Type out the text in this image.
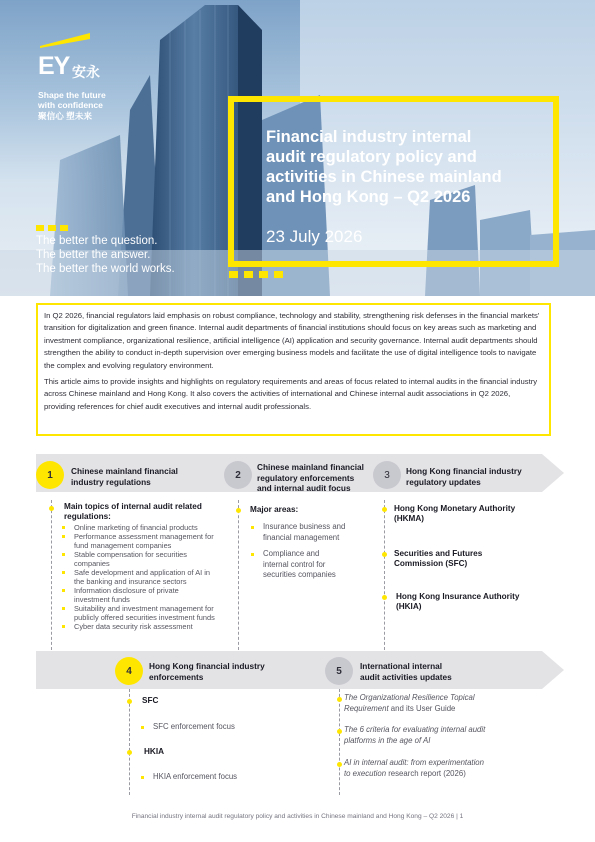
EY 安永
Shape the future
with confidence
聚信心 塑未来
Financial industry internal
audit regulatory policy and
activities in Chinese mainland
and Hong Kong – Q2 2026
23 July 2026
The better the question.
The better the answer.
The better the world works.

In Q2 2026, financial regulators laid emphasis on robust compliance, technology and stability, strengthening risk defenses in the financial markets' transition for digitalization and green finance. Internal audit departments of financial institutions should focus on key areas such as marketing and investment compliance, organizational resilience, artificial intelligence (AI) application and security governance. Internal audit departments should strengthen the ability to conduct in-depth supervision over emerging business models and facilitate the use of digital intelligence tools to navigate the complex and evolving regulatory environment.

This article aims to provide insights and highlights on regulatory requirements and areas of focus related to internal audits in the financial industry across Chinese mainland and Hong Kong. It also covers the activities of international and Chinese internal audit associations in Q2 2026, providing references for chief audit executives and internal audit professionals.

1	Chinese mainland financial
industry regulations
2
Chinese mainland financial
regulatory enforcements
and internal audit focus
3	Hong Kong financial industry
regulatory updates
Main topics of internal audit related
regulations:
Online marketing of financial products
Performance assessment management for
fund management companies
Stable compensation for securities
companies
Safe development and application of AI in
the banking and insurance sectors
Information disclosure of private
investment funds
Suitability and investment management for
publicly offered securities investment funds
Cyber data security risk assessment
Major areas:
Insurance business and
financial management
Compliance and
internal control for
securities companies
Hong Kong Monetary Authority
(HKMA)
Securities and Futures
Commission (SFC)
Hong Kong Insurance Authority
(HKIA)
4	Hong Kong financial industry
enforcements	5	International internal
audit activities updates
SFC
SFC enforcement focus
HKIA
HKIA enforcement focus
The Organizational Resilience Topical
Requirement and its User Guide
The 6 criteria for evaluating internal audit
platforms in the age of AI
AI in internal audit: from experimentation
to execution research report (2026)
Financial industry internal audit regulatory policy and activities in Chinese mainland and Hong Kong – Q2 2026 | 1
